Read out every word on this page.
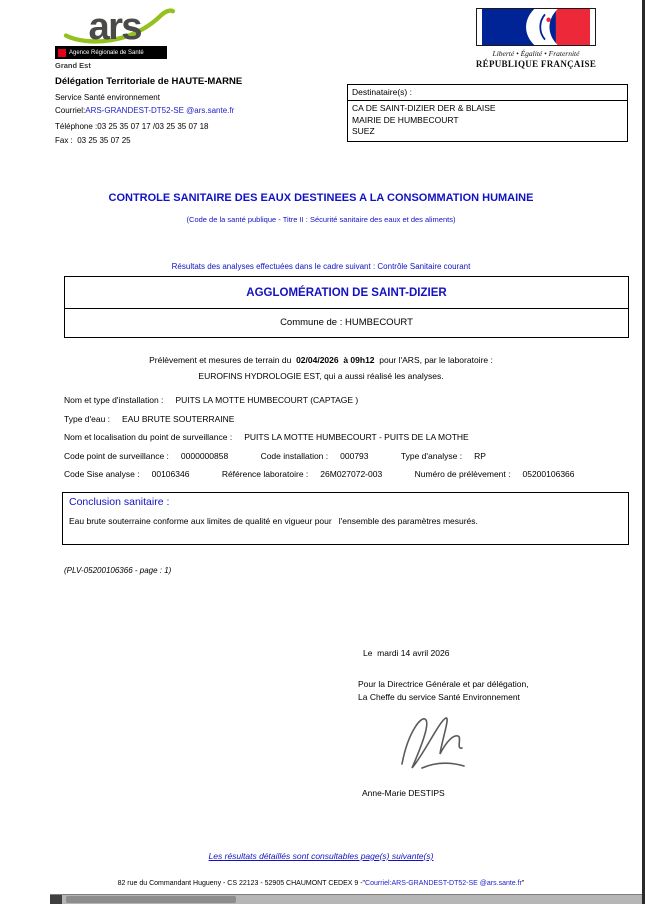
ars
Agence Régionale de Santé
Grand Est
Liberté • Égalité • Fraternité
RÉPUBLIQUE FRANÇAISE
Délégation Territoriale de HAUTE-MARNE
Service Santé environnement
Courriel:ARS-GRANDEST-DT52-SE @ars.sante.fr
Téléphone :03 25 35 07 17 /03 25 35 07 18
Fax :  03 25 35 07 25
Destinataire(s) :
CA DE SAINT-DIZIER DER & BLAISE
MAIRIE DE HUMBECOURT
SUEZ
CONTROLE SANITAIRE DES EAUX DESTINEES A LA CONSOMMATION HUMAINE
(Code de la santé publique - Titre II : Sécurité sanitaire des eaux et des aliments)
Résultats des analyses effectuées dans le cadre suivant : Contrôle Sanitaire courant
AGGLOMÉRATION DE SAINT-DIZIER
Commune de : HUMBECOURT
Prélèvement et mesures de terrain du  02/04/2026  à 09h12  pour l'ARS, par le laboratoire :
EUROFINS HYDROLOGIE EST, qui a aussi réalisé les analyses.
Nom et type d'installation : PUITS LA MOTTE HUMBECOURT (CAPTAGE )
Type d'eau : EAU BRUTE SOUTERRAINE
Nom et localisation du point de surveillance : PUITS LA MOTTE HUMBECOURT - PUITS DE LA MOTHE
Code point de surveillance : 0000000858	Code installation : 000793	Type d'analyse : RP
Code Sise analyse : 00106346	Référence laboratoire : 26M027072-003	Numéro de prélèvement : 05200106366
Conclusion sanitaire :
Eau brute souterraine conforme aux limites de qualité en vigueur pour   l'ensemble des paramètres mesurés.
(PLV-05200106366 - page : 1)
Le  mardi 14 avril 2026
Pour la Directrice Générale et par délégation,
La Cheffe du service Santé Environnement
Anne-Marie DESTIPS
Les résultats détaillés sont consultables page(s) suivante(s)
82 rue du Commandant Hugueny - CS 22123 - 52905 CHAUMONT CEDEX 9 -"Courriel:ARS-GRANDEST-DT52-SE @ars.sante.fr"
